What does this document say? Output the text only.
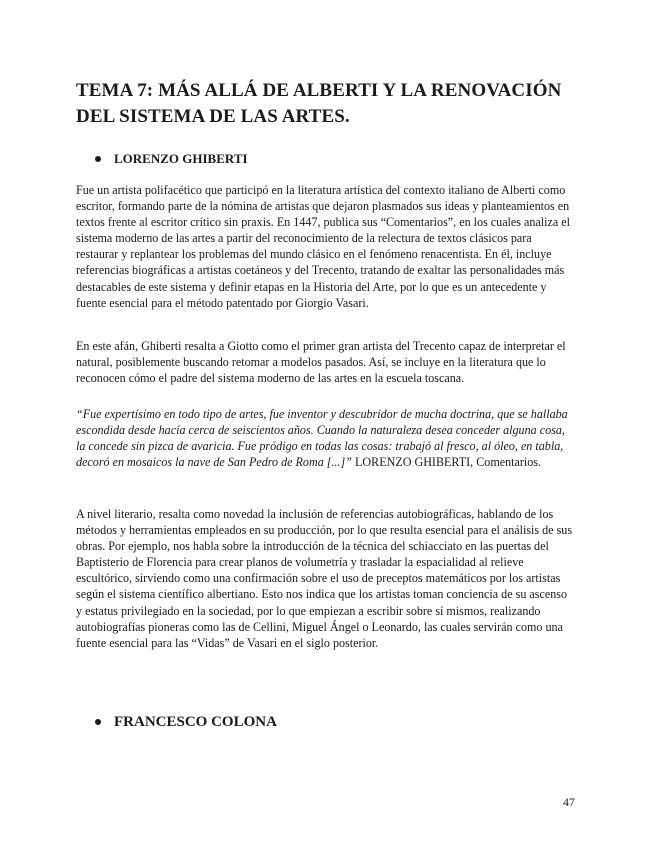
TEMA 7: MÁS ALLÁ DE ALBERTI Y LA RENOVACIÓN DEL SISTEMA DE LAS ARTES.
LORENZO GHIBERTI

Fue un artista polifacético que participó en la literatura artística del contexto italiano de Alberti como escritor, formando parte de la nómina de artistas que dejaron plasmados sus ideas y planteamientos en textos frente al escritor crítico sin praxis. En 1447, publica sus “Comentarios”, en los cuales analiza el sistema moderno de las artes a partir del reconocimiento de la relectura de textos clásicos para restaurar y replantear los problemas del mundo clásico en el fenómeno renacentista. En él, incluye referencias biográficas a artistas coetáneos y del Trecento, tratando de exaltar las personalidades más destacables de este sistema y definir etapas en la Historia del Arte, por lo que es un antecedente y fuente esencial para el método patentado por Giorgio Vasari.

En este afán, Ghiberti resalta a Giotto como el primer gran artista del Trecento capaz de interpretar el natural, posiblemente buscando retomar a modelos pasados. Así, se incluye en la literatura que lo reconocen cómo el padre del sistema moderno de las artes en la escuela toscana.

“Fue expertísimo en todo tipo de artes, fue inventor y descubridor de mucha doctrina, que se hallaba escondida desde hacía cerca de seiscientos años. Cuando la naturaleza desea conceder alguna cosa, la concede sin pizca de avaricia. Fue pródigo en todas las cosas: trabajó al fresco, al óleo, en tabla, decoró en mosaicos la nave de San Pedro de Roma [...]” LORENZO GHIBERTI, Comentarios.

A nivel literario, resalta como novedad la inclusión de referencias autobiográficas, hablando de los métodos y herramientas empleados en su producción, por lo que resulta esencial para el análisis de sus obras. Por ejemplo, nos habla sobre la introducción de la técnica del schiacciato en las puertas del Baptisterio de Florencia para crear planos de volumetría y trasladar la espacialidad al relieve escultórico, sirviendo como una confirmación sobre el uso de preceptos matemáticos por los artistas según el sistema científico albertiano. Esto nos indica que los artistas toman conciencia de su ascenso y estatus privilegiado en la sociedad, por lo que empiezan a escribir sobre sí mismos, realizando autobiografías pioneras como las de Cellini, Miguel Ángel o Leonardo, las cuales servirán como una fuente esencial para las “Vidas” de Vasari en el siglo posterior.

FRANCESCO COLONA
47
